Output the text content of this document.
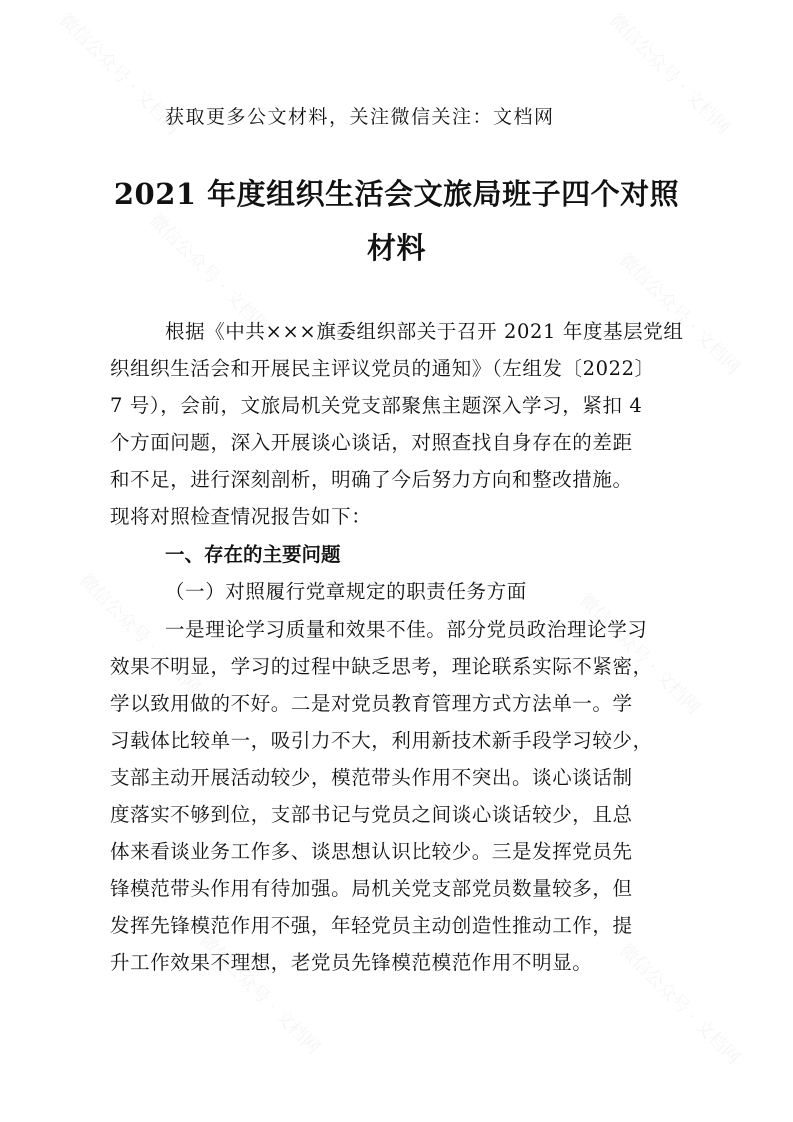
获取更多公文材料，关注微信关注：文档网
2021 年度组织生活会文旅局班子四个对照
材料
根据《中共×××旗委组织部关于召开 2021 年度基层党组
织组织生活会和开展民主评议党员的通知》（左组发〔2022〕
7 号），会前，文旅局机关党支部聚焦主题深入学习，紧扣 4
个方面问题，深入开展谈心谈话，对照查找自身存在的差距
和不足，进行深刻剖析，明确了今后努力方向和整改措施。
现将对照检查情况报告如下：
一、存在的主要问题
（一）对照履行党章规定的职责任务方面
一是理论学习质量和效果不佳。部分党员政治理论学习
效果不明显，学习的过程中缺乏思考，理论联系实际不紧密，
学以致用做的不好。二是对党员教育管理方式方法单一。学
习载体比较单一，吸引力不大，利用新技术新手段学习较少，
支部主动开展活动较少，模范带头作用不突出。谈心谈话制
度落实不够到位，支部书记与党员之间谈心谈话较少，且总
体来看谈业务工作多、谈思想认识比较少。三是发挥党员先
锋模范带头作用有待加强。局机关党支部党员数量较多，但
发挥先锋模范作用不强，年轻党员主动创造性推动工作，提
升工作效果不理想，老党员先锋模范模范作用不明显。
微信公众号 · 文档网	微信公众号 · 文档网
微信公众号 · 文档网	微信公众号 · 文档网
微信公众号 · 文档网	微信公众号 · 文档网
微信公众号 · 文档网	微信公众号 · 文档网
